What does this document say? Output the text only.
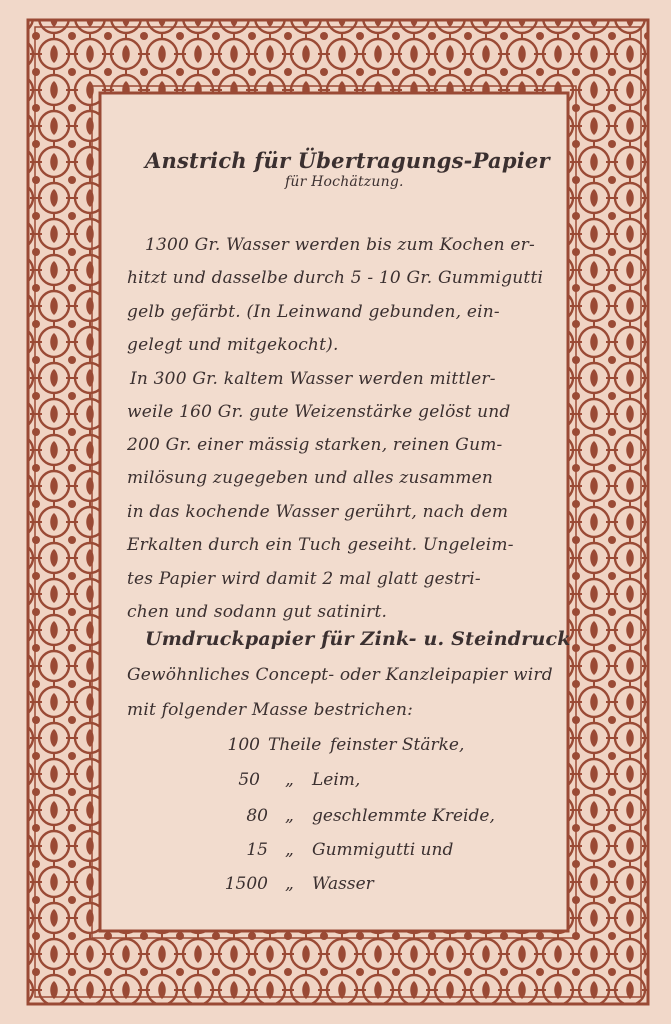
Anstrich für Übertragungs-Papier
für Hochätzung.
1300 Gr. Wasser werden bis zum Kochen er-
hitzt und dasselbe durch 5 - 10 Gr. Gummigutti
gelb gefärbt. (In Leinwand gebunden, ein-
gelegt und mitgekocht).
In 300 Gr. kaltem Wasser werden mittler-
weile 160 Gr. gute Weizenstärke gelöst und
200 Gr. einer mässig starken, reinen Gum-
milösung zugegeben und alles zusammen
in das kochende Wasser gerührt, nach dem
Erkalten durch ein Tuch geseiht. Ungeleim-
tes Papier wird damit 2 mal glatt gestri-
chen und sodann gut satinirt.
Umdruckpapier für Zink- u. Steindruck
Gewöhnliches Concept- oder Kanzleipapier wird
mit folgender Masse bestrichen:
100 Theile feinster Stärke,
50 „ Leim,
80 „ geschlemmte Kreide,
15 „ Gummigutti und
1500 „ Wasser
